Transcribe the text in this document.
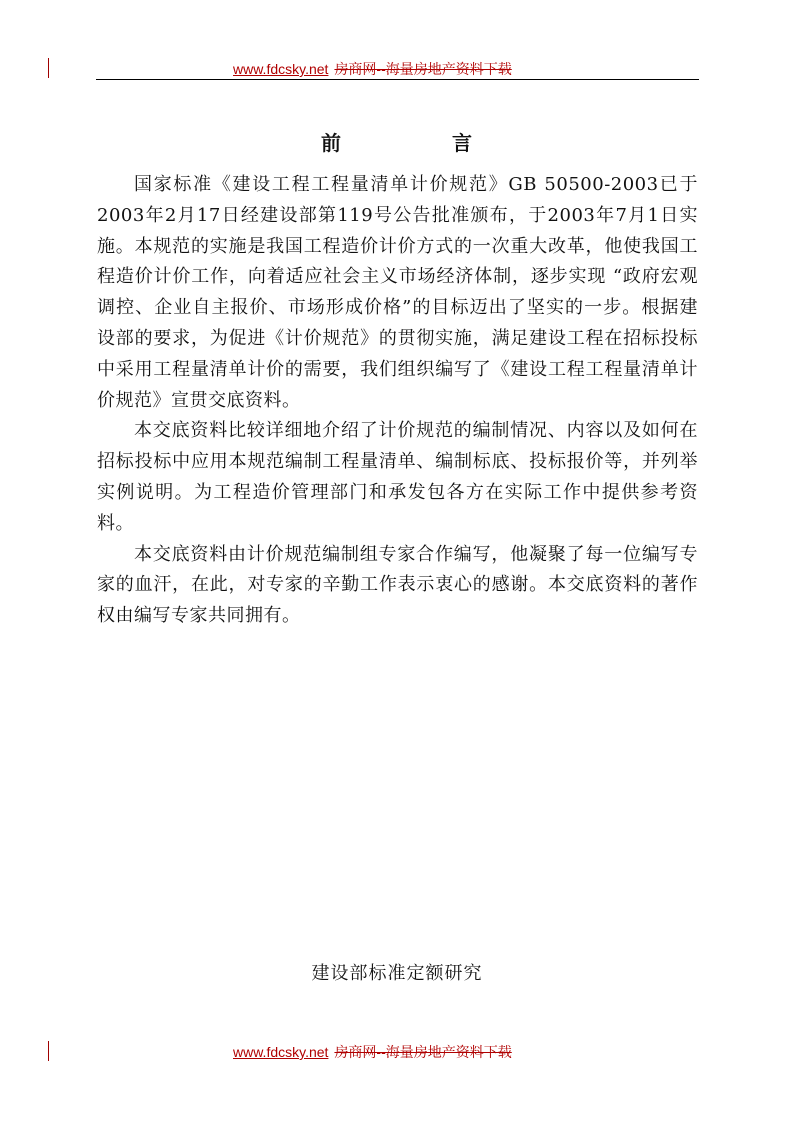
www.fdcsky.net 房商网--海量房地产资料下载
前	言

国家标准《建设工程工程量清单计价规范》GB 50500-2003已于2003年2月17日经建设部第119号公告批准颁布，于2003年7月1日实施。本规范的实施是我国工程造价计价方式的一次重大改革，他使我国工程造价计价工作，向着适应社会主义市场经济体制，逐步实现 “政府宏观调控、企业自主报价、市场形成价格”的目标迈出了坚实的一步。根据建设部的要求，为促进《计价规范》的贯彻实施，满足建设工程在招标投标中采用工程量清单计价的需要，我们组织编写了《建设工程工程量清单计价规范》宣贯交底资料。

本交底资料比较详细地介绍了计价规范的编制情况、内容以及如何在招标投标中应用本规范编制工程量清单、编制标底、投标报价等，并列举实例说明。为工程造价管理部门和承发包各方在实际工作中提供参考资料。

本交底资料由计价规范编制组专家合作编写，他凝聚了每一位编写专家的血汗，在此，对专家的辛勤工作表示衷心的感谢。本交底资料的著作权由编写专家共同拥有。

建设部标准定额研究
www.fdcsky.net 房商网--海量房地产资料下载
